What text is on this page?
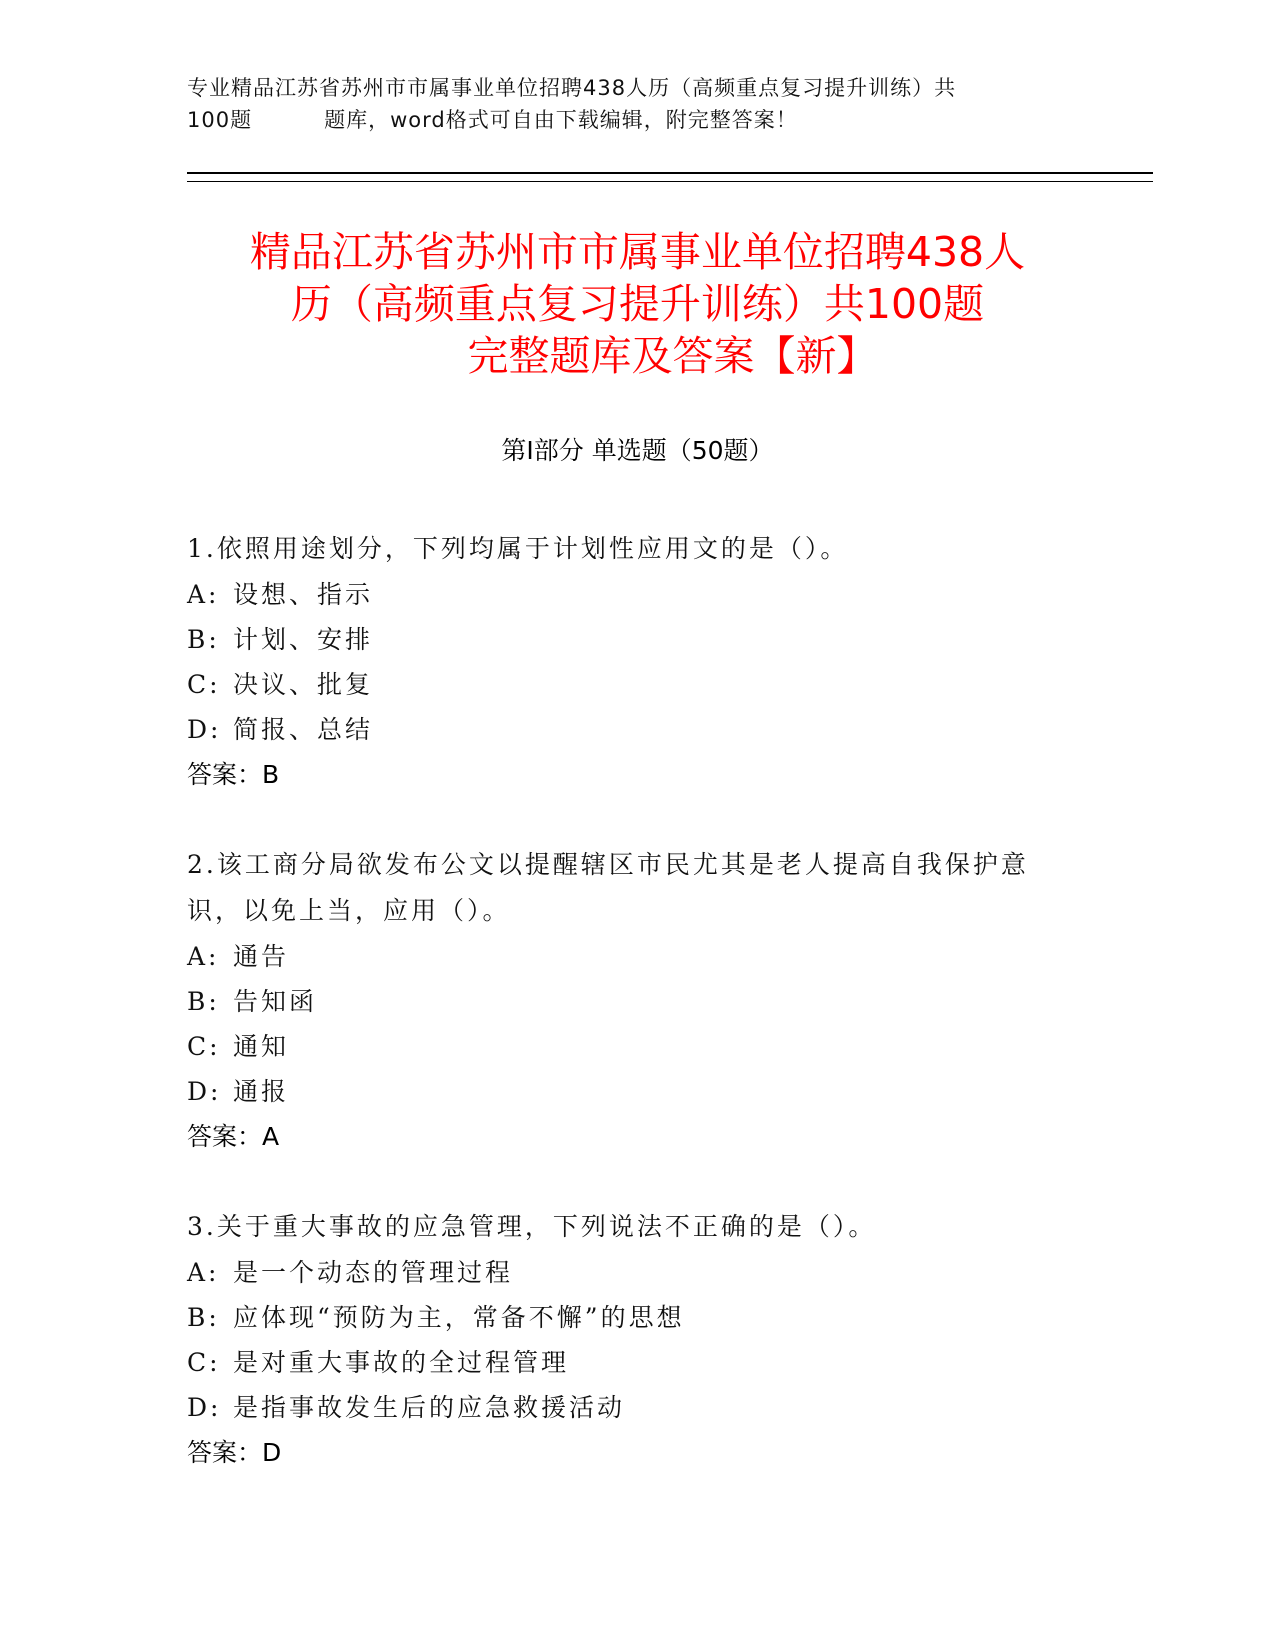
专业精品江苏省苏州市市属事业单位招聘438人历（高频重点复习提升训练）共
100题	题库，word格式可自由下载编辑，附完整答案！
精品江苏省苏州市市属事业单位招聘438人
历（高频重点复习提升训练）共100题
完整题库及答案【新】
第Ⅰ部分 单选题（50题）
1.依照用途划分，下列均属于计划性应用文的是（）。
A: 设想、指示
B: 计划、安排
C: 决议、批复
D: 简报、总结
答案：B
2.该工商分局欲发布公文以提醒辖区市民尤其是老人提高自我保护意识，以免上当，应用（）。
A: 通告
B: 告知函
C: 通知
D: 通报
答案：A
3.关于重大事故的应急管理，下列说法不正确的是（）。
A: 是一个动态的管理过程
B: 应体现“预防为主，常备不懈”的思想
C: 是对重大事故的全过程管理
D: 是指事故发生后的应急救援活动
答案：D
